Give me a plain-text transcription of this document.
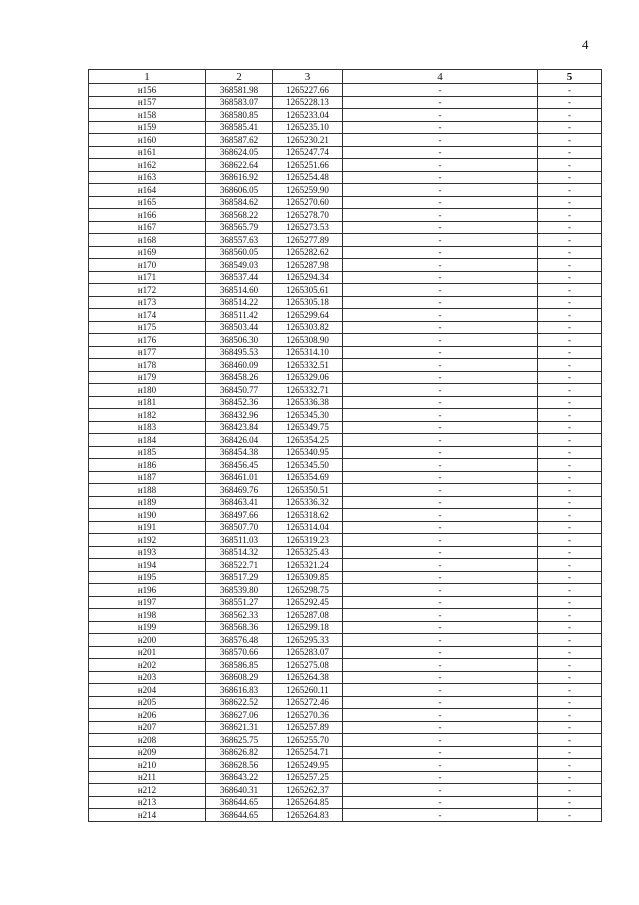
4
1	2	3	4	5
н156	368581.98	1265227.66	-	-
н157	368583.07	1265228.13	-	-
н158	368580.85	1265233.04	-	-
н159	368585.41	1265235.10	-	-
н160	368587.62	1265230.21	-	-
н161	368624.05	1265247.74	-	-
н162	368622.64	1265251.66	-	-
н163	368616.92	1265254.48	-	-
н164	368606.05	1265259.90	-	-
н165	368584.62	1265270.60	-	-
н166	368568.22	1265278.70	-	-
н167	368565.79	1265273.53	-	-
н168	368557.63	1265277.89	-	-
н169	368560.05	1265282.62	-	-
н170	368549.03	1265287.98	-	-
н171	368537.44	1265294.34	-	-
н172	368514.60	1265305.61	-	-
н173	368514.22	1265305.18	-	-
н174	368511.42	1265299.64	-	-
н175	368503.44	1265303.82	-	-
н176	368506.30	1265308.90	-	-
н177	368495.53	1265314.10	-	-
н178	368460.09	1265332.51	-	-
н179	368458.26	1265329.06	-	-
н180	368450.77	1265332.71	-	-
н181	368452.36	1265336.38	-	-
н182	368432.96	1265345.30	-	-
н183	368423.84	1265349.75	-	-
н184	368426.04	1265354.25	-	-
н185	368454.38	1265340.95	-	-
н186	368456.45	1265345.50	-	-
н187	368461.01	1265354.69	-	-
н188	368469.76	1265350.51	-	-
н189	368463.41	1265336.32	-	-
н190	368497.66	1265318.62	-	-
н191	368507.70	1265314.04	-	-
н192	368511.03	1265319.23	-	-
н193	368514.32	1265325.43	-	-
н194	368522.71	1265321.24	-	-
н195	368517.29	1265309.85	-	-
н196	368539.80	1265298.75	-	-
н197	368551.27	1265292.45	-	-
н198	368562.33	1265287.08	-	-
н199	368568.36	1265299.18	-	-
н200	368576.48	1265295.33	-	-
н201	368570.66	1265283.07	-	-
н202	368586.85	1265275.08	-	-
н203	368608.29	1265264.38	-	-
н204	368616.83	1265260.11	-	-
н205	368622.52	1265272.46	-	-
н206	368627.06	1265270.36	-	-
н207	368621.31	1265257.89	-	-
н208	368625.75	1265255.70	-	-
н209	368626.82	1265254.71	-	-
н210	368628.56	1265249.95	-	-
н211	368643.22	1265257.25	-	-
н212	368640.31	1265262.37	-	-
н213	368644.65	1265264.85	-	-
н214	368644.65	1265264.83	-	-
